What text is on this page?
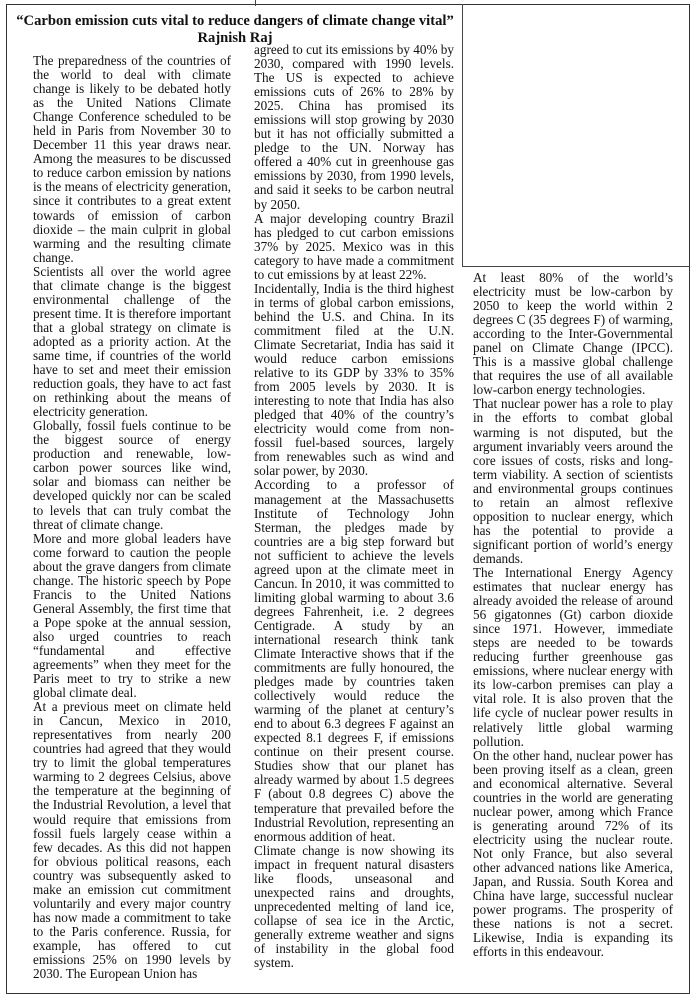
“Carbon emission cuts vital to reduce dangers of climate change vital”
Rajnish Raj

The preparedness of the countries of the world to deal with climate change is likely to be debated hotly as the United Nations Climate Change Conference scheduled to be held in Paris from November 30 to December 11 this year draws near. Among the measures to be discussed to reduce carbon emission by nations is the means of electricity generation, since it contributes to a great extent towards of emission of carbon dioxide – the main culprit in global warming and the resulting climate change.

Scientists all over the world agree that climate change is the biggest environmental challenge of the present time. It is therefore important that a global strategy on climate is adopted as a priority action. At the same time, if countries of the world have to set and meet their emission reduction goals, they have to act fast on rethinking about the means of electricity generation.

Globally, fossil fuels continue to be the biggest source of energy production and renewable, low-carbon power sources like wind, solar and biomass can neither be developed quickly nor can be scaled to levels that can truly combat the threat of climate change.

More and more global leaders have come forward to caution the people about the grave dangers from climate change. The historic speech by Pope Francis to the United Nations General Assembly, the first time that a Pope spoke at the annual session, also urged countries to reach “fundamental and effective agreements” when they meet for the Paris meet to try to strike a new global climate deal.

At a previous meet on climate held in Cancun, Mexico in 2010, representatives from nearly 200 countries had agreed that they would try to limit the global temperatures warming to 2 degrees Celsius, above the temperature at the beginning of the Industrial Revolution, a level that would require that emissions from fossil fuels largely cease within a few decades. As this did not happen for obvious political reasons, each country was subsequently asked to make an emission cut commitment voluntarily and every major country has now made a commitment to take to the Paris conference. Russia, for example, has offered to cut emissions 25% on 1990 levels by 2030. The European Union has

agreed to cut its emissions by 40% by 2030, compared with 1990 levels. The US is expected to achieve emissions cuts of 26% to 28% by 2025. China has promised its emissions will stop growing by 2030 but it has not officially submitted a pledge to the UN. Norway has offered a 40% cut in greenhouse gas emissions by 2030, from 1990 levels, and said it seeks to be carbon neutral by 2050.

A major developing country Brazil has pledged to cut carbon emissions 37% by 2025. Mexico was in this category to have made a commitment to cut emissions by at least 22%.

Incidentally, India is the third highest in terms of global carbon emissions, behind the U.S. and China. In its commitment filed at the U.N. Climate Secretariat, India has said it would reduce carbon emissions relative to its GDP by 33% to 35% from 2005 levels by 2030. It is interesting to note that India has also pledged that 40% of the country’s electricity would come from non-fossil fuel-based sources, largely from renewables such as wind and solar power, by 2030.

According to a professor of management at the Massachusetts Institute of Technology John Sterman, the pledges made by countries are a big step forward but not sufficient to achieve the levels agreed upon at the climate meet in Cancun. In 2010, it was committed to limiting global warming to about 3.6 degrees Fahrenheit, i.e. 2 degrees Centigrade. A study by an international research think tank Climate Interactive shows that if the commitments are fully honoured, the pledges made by countries taken collectively would reduce the warming of the planet at century’s end to about 6.3 degrees F against an expected 8.1 degrees F, if emissions continue on their present course. Studies show that our planet has already warmed by about 1.5 degrees F (about 0.8 degrees C) above the temperature that prevailed before the Industrial Revolution, representing an enormous addition of heat.

Climate change is now showing its impact in frequent natural disasters like floods, unseasonal and unexpected rains and droughts, unprecedented melting of land ice, collapse of sea ice in the Arctic, generally extreme weather and signs of instability in the global food system.

At least 80% of the world’s electricity must be low-carbon by 2050 to keep the world within 2 degrees C (35 degrees F) of warming, according to the Inter-Governmental panel on Climate Change (IPCC). This is a massive global challenge that requires the use of all available low-carbon energy technologies.

That nuclear power has a role to play in the efforts to combat global warming is not disputed, but the argument invariably veers around the core issues of costs, risks and long-term viability. A section of scientists and environmental groups continues to retain an almost reflexive opposition to nuclear energy, which has the potential to provide a significant portion of world’s energy demands.

The International Energy Agency estimates that nuclear energy has already avoided the release of around 56 gigatonnes (Gt) carbon dioxide since 1971. However, immediate steps are needed to be towards reducing further greenhouse gas emissions, where nuclear energy with its low-carbon premises can play a vital role. It is also proven that the life cycle of nuclear power results in relatively little global warming pollution.

On the other hand, nuclear power has been proving itself as a clean, green and economical alternative. Several countries in the world are generating nuclear power, among which France is generating around 72% of its electricity using the nuclear route. Not only France, but also several other advanced nations like America, Japan, and Russia. South Korea and China have large, successful nuclear power programs. The prosperity of these nations is not a secret. Likewise, India is expanding its efforts in this endeavour.
